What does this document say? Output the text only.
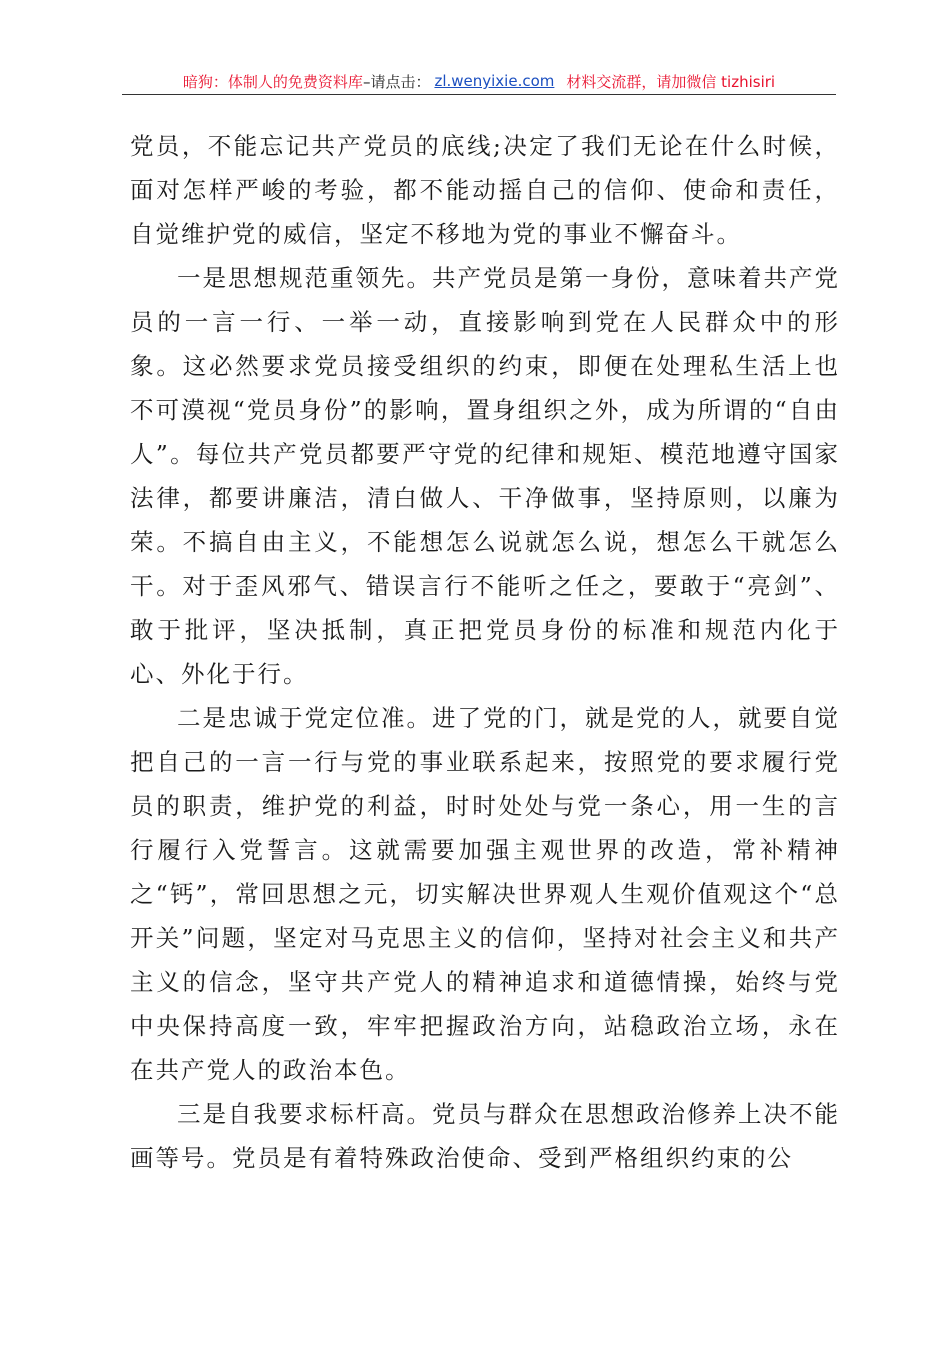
暗狗：体制人的免费资料库 –请点击： zl.wenyixie.com 材料交流群，请加微信 tizhisiri

党员，不能忘记共产党员的底线;决定了我们无论在什么时候，面对怎样严峻的考验，都不能动摇自己的信仰、使命和责任，自觉维护党的威信，坚定不移地为党的事业不懈奋斗。

一是思想规范重领先。共产党员是第一身份，意味着共产党员的一言一行、一举一动，直接影响到党在人民群众中的形象。这必然要求党员接受组织的约束，即便在处理私生活上也不可漠视“党员身份”的影响，置身组织之外，成为所谓的“自由人”。每位共产党员都要严守党的纪律和规矩、模范地遵守国家法律，都要讲廉洁，清白做人、干净做事，坚持原则，以廉为荣。不搞自由主义，不能想怎么说就怎么说，想怎么干就怎么干。对于歪风邪气、错误言行不能听之任之，要敢于“亮剑”、敢于批评，坚决抵制，真正把党员身份的标准和规范内化于心、外化于行。

二是忠诚于党定位准。进了党的门，就是党的人，就要自觉把自己的一言一行与党的事业联系起来，按照党的要求履行党员的职责，维护党的利益，时时处处与党一条心，用一生的言行履行入党誓言。这就需要加强主观世界的改造，常补精神之“钙”，常回思想之元，切实解决世界观人生观价值观这个“总开关”问题，坚定对马克思主义的信仰，坚持对社会主义和共产主义的信念，坚守共产党人的精神追求和道德情操，始终与党中央保持高度一致，牢牢把握政治方向，站稳政治立场，永在在共产党人的政治本色。

三是自我要求标杆高。党员与群众在思想政治修养上决不能画等号。党员是有着特殊政治使命、受到严格组织约束的公
